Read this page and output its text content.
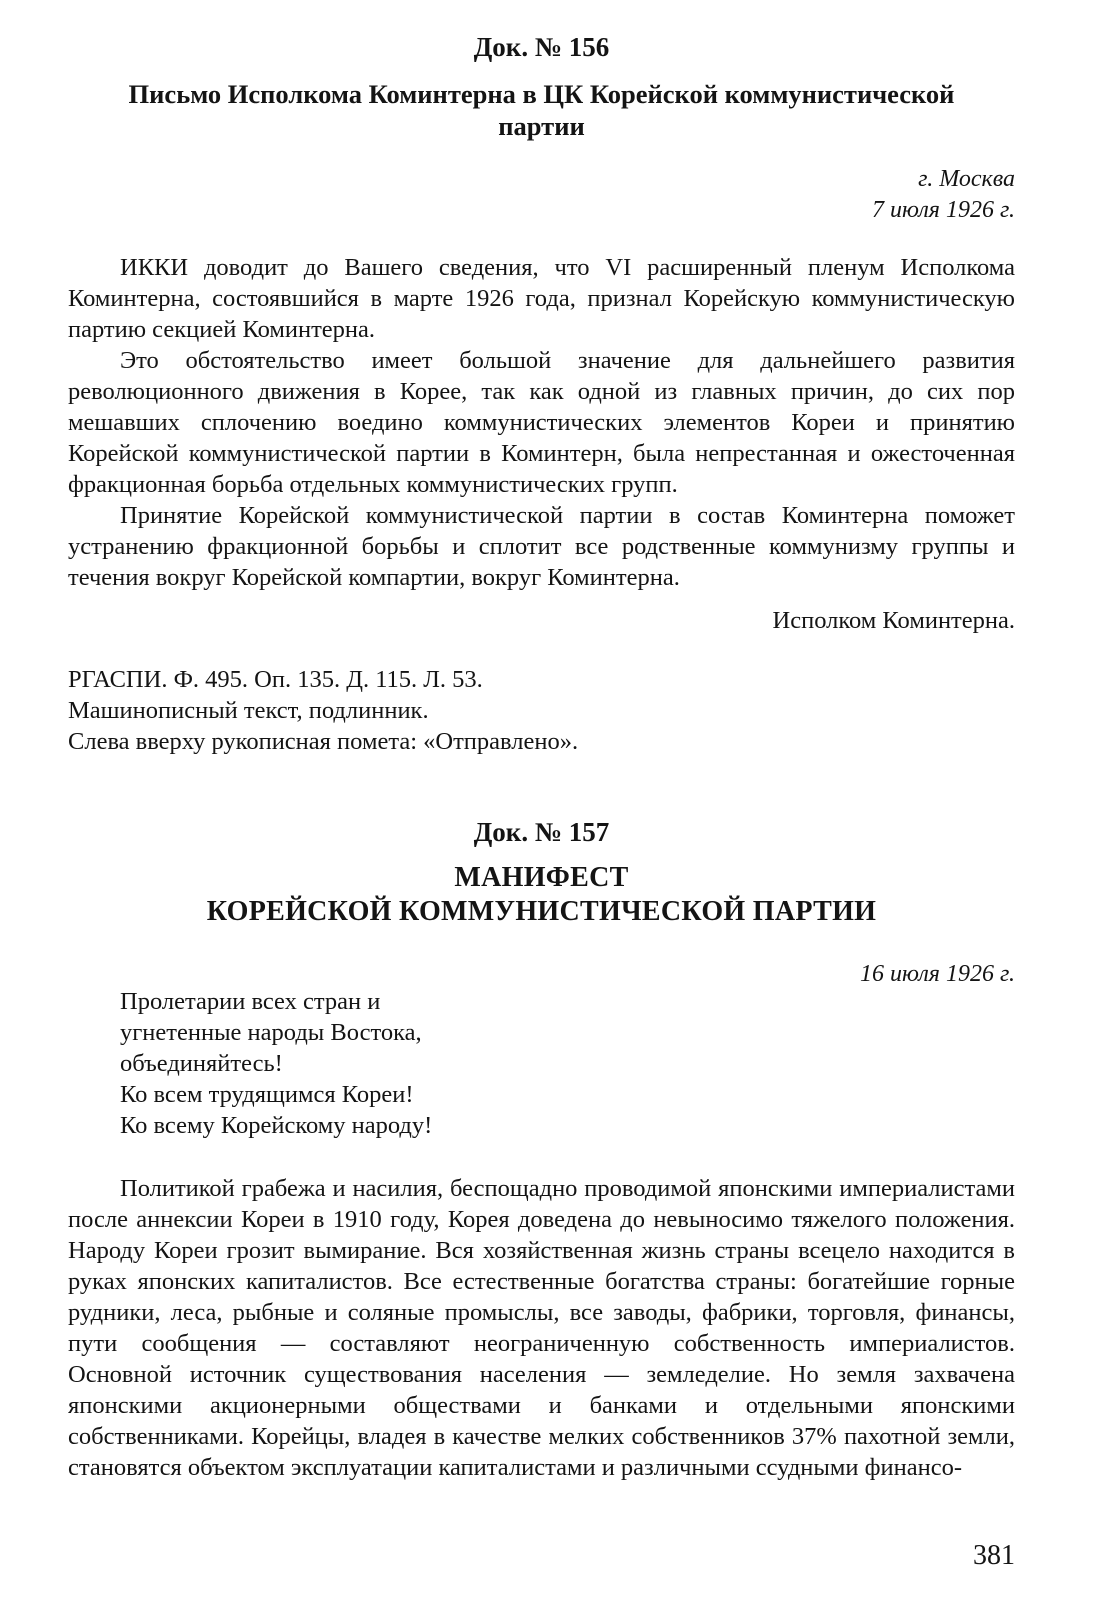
Док. № 156
Письмо Исполкома Коминтерна в ЦК Корейской коммунистической
партии
г. Москва
7 июля 1926 г.

ИККИ доводит до Вашего сведения, что VI расширенный пленум Исполкома Коминтерна, состоявшийся в марте 1926 года, признал Корейскую коммунистическую партию секцией Коминтерна.

Это обстоятельство имеет большой значение для дальнейшего развития революционного движения в Корее, так как одной из главных причин, до сих пор мешавших сплочению воедино коммунистических элементов Кореи и принятию Корейской коммунистической партии в Коминтерн, была непрестанная и ожесточенная фракционная борьба отдельных коммунистических групп.

Принятие Корейской коммунистической партии в состав Коминтерна поможет устранению фракционной борьбы и сплотит все родственные коммунизму группы и течения вокруг Корейской компартии, вокруг Коминтерна.

Исполком Коминтерна.
РГАСПИ. Ф. 495. Оп. 135. Д. 115. Л. 53.
Машинописный текст, подлинник.
Слева вверху рукописная помета: «Отправлено».
Док. № 157
МАНИФЕСТ
КОРЕЙСКОЙ КОММУНИСТИЧЕСКОЙ ПАРТИИ
16 июля 1926 г.
Пролетарии всех стран и
угнетенные народы Востока,
объединяйтесь!
Ко всем трудящимся Кореи!
Ко всему Корейскому народу!

Политикой грабежа и насилия, беспощадно проводимой японскими империалистами после аннексии Кореи в 1910 году, Корея доведена до невыносимо тяжелого положения. Народу Кореи грозит вымирание. Вся хозяйственная жизнь страны всецело находится в руках японских капиталистов. Все естественные богатства страны: богатейшие горные рудники, леса, рыбные и соляные промыслы, все заводы, фабрики, торговля, финансы, пути сообщения — составляют неограниченную собственность империалистов. Основной источник существования населения — земледелие. Но земля захвачена японскими акционерными обществами и банками и отдельными японскими собственниками. Корейцы, владея в качестве мелких собственников 37% пахотной земли, становятся объектом эксплуатации капиталистами и различными ссудными финансо-

381
